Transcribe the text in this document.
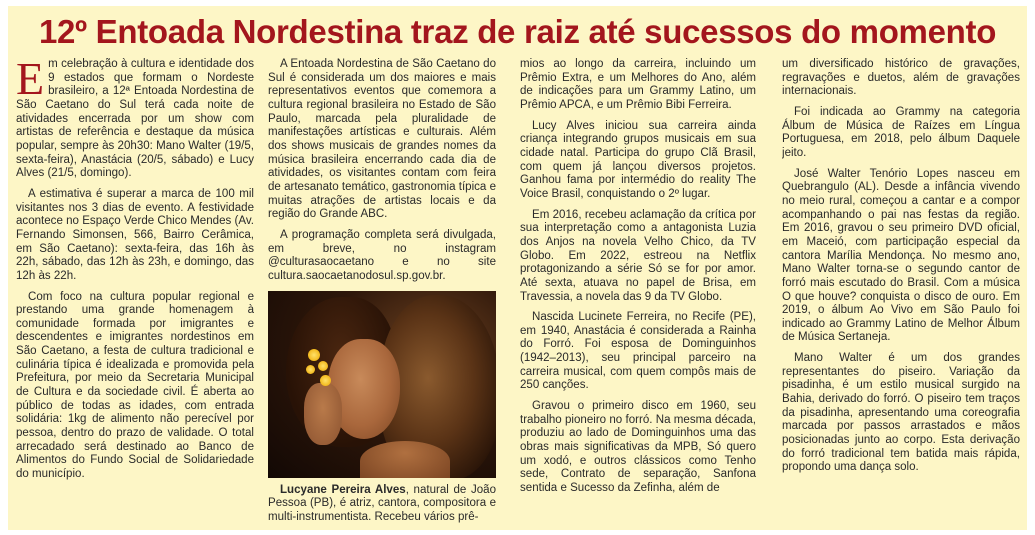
12º Entoada Nordestina traz de raiz até sucessos do momento

Em celebração à cultura e identidade dos 9 estados que formam o Nordeste brasileiro, a 12ª Entoada Nordestina de São Caetano do Sul terá cada noite de atividades encerrada por um show com artistas de referência e destaque da música popular, sempre às 20h30: Mano Walter (19/5, sexta-feira), Anastácia (20/5, sábado) e Lucy Alves (21/5, domingo).

A estimativa é superar a marca de 100 mil visitantes nos 3 dias de evento. A festividade acontece no Espaço Verde Chico Mendes (Av. Fernando Simonsen, 566, Bairro Cerâmica, em São Caetano): sexta-feira, das 16h às 22h, sábado, das 12h às 23h, e domingo, das 12h às 22h.

Com foco na cultura popular regional e prestando uma grande homenagem à comunidade formada por imigrantes e descendentes e imigrantes nordestinos em São Caetano, a festa de cultura tradicional e culinária típica é idealizada e promovida pela Prefeitura, por meio da Secretaria Municipal de Cultura e da sociedade civil. É aberta ao público de todas as idades, com entrada solidária: 1kg de alimento não perecível por pessoa, dentro do prazo de validade. O total arrecadado será destinado ao Banco de Alimentos do Fundo Social de Solidariedade do município.

A Entoada Nordestina de São Caetano do Sul é considerada um dos maiores e mais representativos eventos que comemora a cultura regional brasileira no Estado de São Paulo, marcada pela pluralidade de manifestações artísticas e culturais. Além dos shows musicais de grandes nomes da música brasileira encerrando cada dia de atividades, os visitantes contam com feira de artesanato temático, gastronomia típica e muitas atrações de artistas locais e da região do Grande ABC.

A programação completa será divulgada, em breve, no instagram @culturasaocaetano e no site cultura.saocaetanodosul.sp.gov.br.

Lucyane Pereira Alves, natural de João Pessoa (PB), é atriz, cantora, compositora e multi-instrumentista. Recebeu vários prê-

mios ao longo da carreira, incluindo um Prêmio Extra, e um Melhores do Ano, além de indicações para um Grammy Latino, um Prêmio APCA, e um Prêmio Bibi Ferreira.

Lucy Alves iniciou sua carreira ainda criança integrando grupos musicais em sua cidade natal. Participa do grupo Clã Brasil, com quem já lançou diversos projetos. Ganhou fama por intermédio do reality The Voice Brasil, conquistando o 2º lugar.

Em 2016, recebeu aclamação da crítica por sua interpretação como a antagonista Luzia dos Anjos na novela Velho Chico, da TV Globo. Em 2022, estreou na Netflix protagonizando a série Só se for por amor. Até sexta, atuava no papel de Brisa, em Travessia, a novela das 9 da TV Globo.

Nascida Lucinete Ferreira, no Recife (PE), em 1940, Anastácia é considerada a Rainha do Forró. Foi esposa de Dominguinhos (1942–2013), seu principal parceiro na carreira musical, com quem compôs mais de 250 canções.

Gravou o primeiro disco em 1960, seu trabalho pioneiro no forró. Na mesma década, produziu ao lado de Dominguinhos uma das obras mais significativas da MPB, Só quero um xodó, e outros clássicos como Tenho sede, Contrato de separação, Sanfona sentida e Sucesso da Zefinha, além de

um diversificado histórico de gravações, regravações e duetos, além de gravações internacionais.

Foi indicada ao Grammy na categoria Álbum de Música de Raízes em Língua Portuguesa, em 2018, pelo álbum Daquele jeito.

José Walter Tenório Lopes nasceu em Quebrangulo (AL). Desde a infância vivendo no meio rural, começou a cantar e a compor acompanhando o pai nas festas da região. Em 2016, gravou o seu primeiro DVD oficial, em Maceió, com participação especial da cantora Marília Mendonça. No mesmo ano, Mano Walter torna-se o segundo cantor de forró mais escutado do Brasil. Com a música O que houve? conquista o disco de ouro. Em 2019, o álbum Ao Vivo em São Paulo foi indicado ao Grammy Latino de Melhor Álbum de Música Sertaneja.

Mano Walter é um dos grandes representantes do piseiro. Variação da pisadinha, é um estilo musical surgido na Bahia, derivado do forró. O piseiro tem traços da pisadinha, apresentando uma coreografia marcada por passos arrastados e mãos posicionadas junto ao corpo. Esta derivação do forró tradicional tem batida mais rápida, propondo uma dança solo.
